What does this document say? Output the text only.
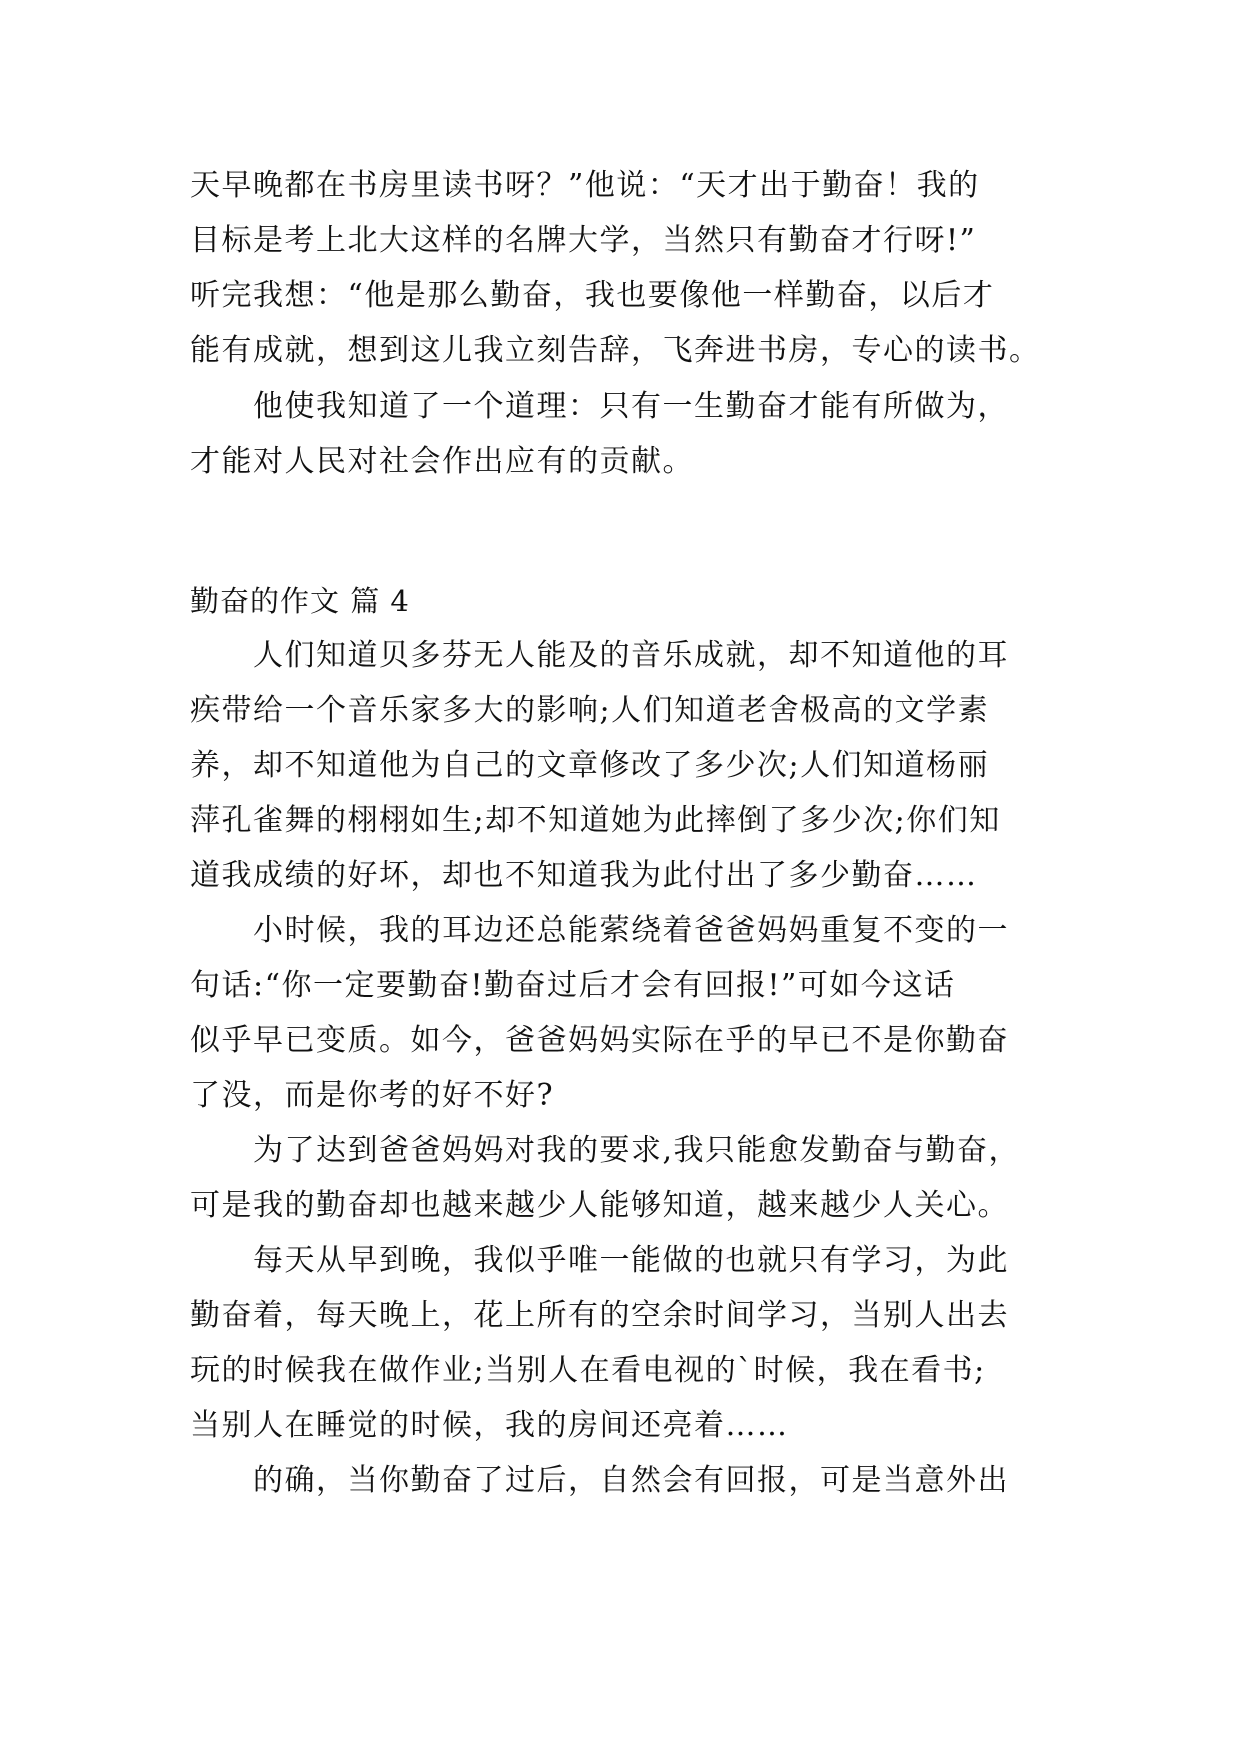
天早晚都在书房里读书呀？”他说：“天才出于勤奋！我的
目标是考上北大这样的名牌大学，当然只有勤奋才行呀!”
听完我想：“他是那么勤奋，我也要像他一样勤奋，以后才
能有成就，想到这儿我立刻告辞，飞奔进书房，专心的读书。
　　他使我知道了一个道理：只有一生勤奋才能有所做为，
才能对人民对社会作出应有的贡献。
勤奋的作文 篇 4
　　人们知道贝多芬无人能及的音乐成就，却不知道他的耳
疾带给一个音乐家多大的影响;人们知道老舍极高的文学素
养，却不知道他为自己的文章修改了多少次;人们知道杨丽
萍孔雀舞的栩栩如生;却不知道她为此摔倒了多少次;你们知
道我成绩的好坏，却也不知道我为此付出了多少勤奋……
　　小时候，我的耳边还总能萦绕着爸爸妈妈重复不变的一
句话:“你一定要勤奋!勤奋过后才会有回报!”可如今这话
似乎早已变质。如今，爸爸妈妈实际在乎的早已不是你勤奋
了没，而是你考的好不好?
　　为了达到爸爸妈妈对我的要求,我只能愈发勤奋与勤奋，
可是我的勤奋却也越来越少人能够知道，越来越少人关心。
　　每天从早到晚，我似乎唯一能做的也就只有学习，为此
勤奋着，每天晚上，花上所有的空余时间学习，当别人出去
玩的时候我在做作业;当别人在看电视的`时候，我在看书;
当别人在睡觉的时候，我的房间还亮着……
　　的确，当你勤奋了过后，自然会有回报，可是当意外出
